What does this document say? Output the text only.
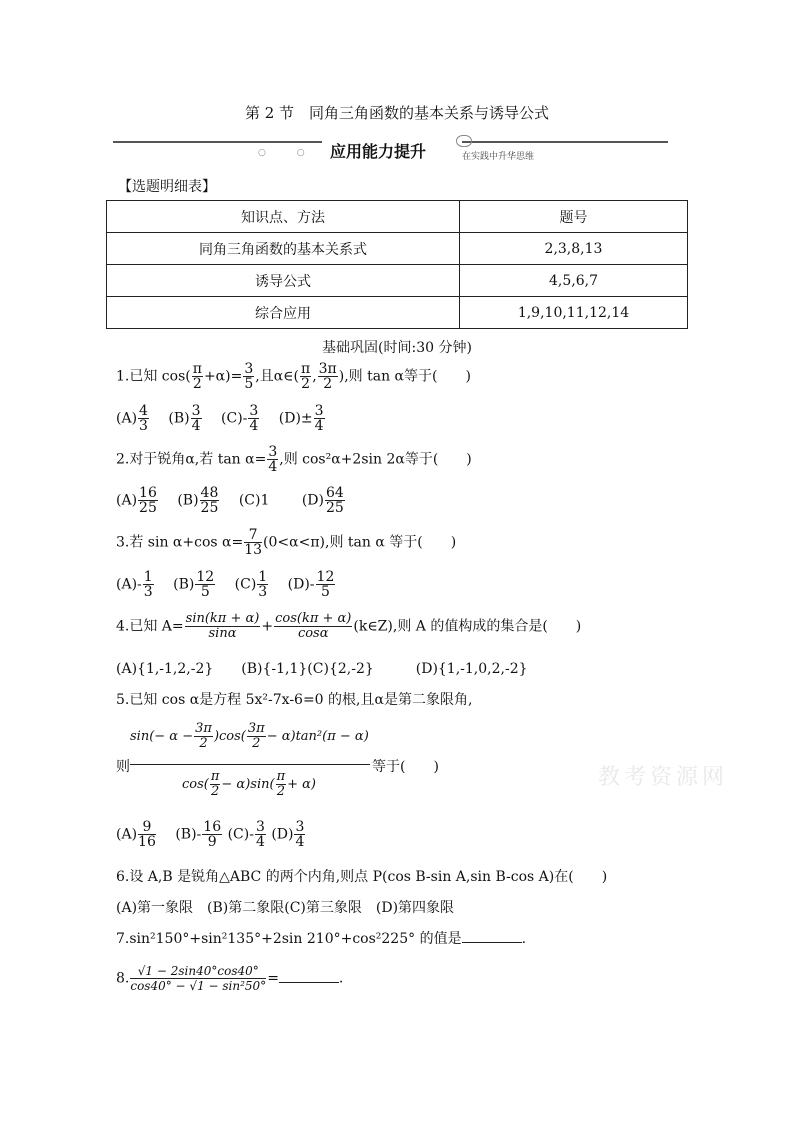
第 2 节　同角三角函数的基本关系与诱导公式
○ ○ ○
应用能力提升	在实践中升华思维
【选题明细表】
知识点、方法	题号
同角三角函数的基本关系式	2,3,8,13
诱导公式	4,5,6,7
综合应用	1,9,10,11,12,14
基础巩固(时间:30 分钟)
1.已知 $\cos( \frac{\pi}{2} +\alpha)= \frac{3}{5}$ ,且α∈( $\frac{\pi}{2}$ , $\frac{3\pi}{2}$ ),则 tan α等于(　　)
$(A) \frac{4}{3}$
　 $(B) \frac{3}{4}$
　 $(C)- \frac{3}{4}$
　 $(D)\pm \frac{3}{4}$
2.对于锐角α,若 $\tan \alpha= \frac{3}{4}$ ,则 cos²α+2sin 2α等于(　　)
$(A) \frac{16}{25}$
　 $(B) \frac{48}{25}$
　 (C)1　　 $(D) \frac{64}{25}$
3.若 sin α+cos $\alpha= \frac{7}{13} (0<\alpha<\pi)$,则 tan α 等于(　　)
$(A)- \frac{1}{3}$
　 $(B) \frac{12}{5}$
　 $(C) \frac{1}{3}$
　 $(D)- \frac{12}{5}$
4.已知 $A= \frac{\sin(k\pi + \alpha)}{\sin\alpha} + \frac{\cos(k\pi + \alpha)}{\cos\alpha}$ (k∈Z),则 A 的值构成的集合是(　　)
(A){1,-1,2,-2}　　(B){-1,1}(C){2,-2}　　　(D){1,-1,0,2,-2}
5.已知 cos α是方程 5x²-7x-6=0 的根,且α是第二象限角,
$\sin(- \alpha - \frac{3\pi}{2} )\cos( \frac{3\pi}{2} - \alpha)\tan^2(\pi - \alpha)$
则	等于(　　)
$\cos( \frac{\pi}{2} - \alpha)\sin( \frac{\pi}{2} + \alpha)$
$(A) \frac{9}{16}$
　 $(B)- \frac{16}{9} (C)- \frac{3}{4} (D) \frac{3}{4}$
6.设 A,B 是锐角△ABC 的两个内角,则点 P(cos B-sin A,sin B-cos A)在(　　)
(A)第一象限　(B)第二象限(C)第三象限　(D)第四象限
7.sin²150°+sin²135°+2sin 210°+cos²225° 的值是	.
8. $\frac{√1 - 2\sin 40^\circ\cos 40^\circ}{\text{cos40° − √1 − sin²50°}}$ =	.
教考资源网
